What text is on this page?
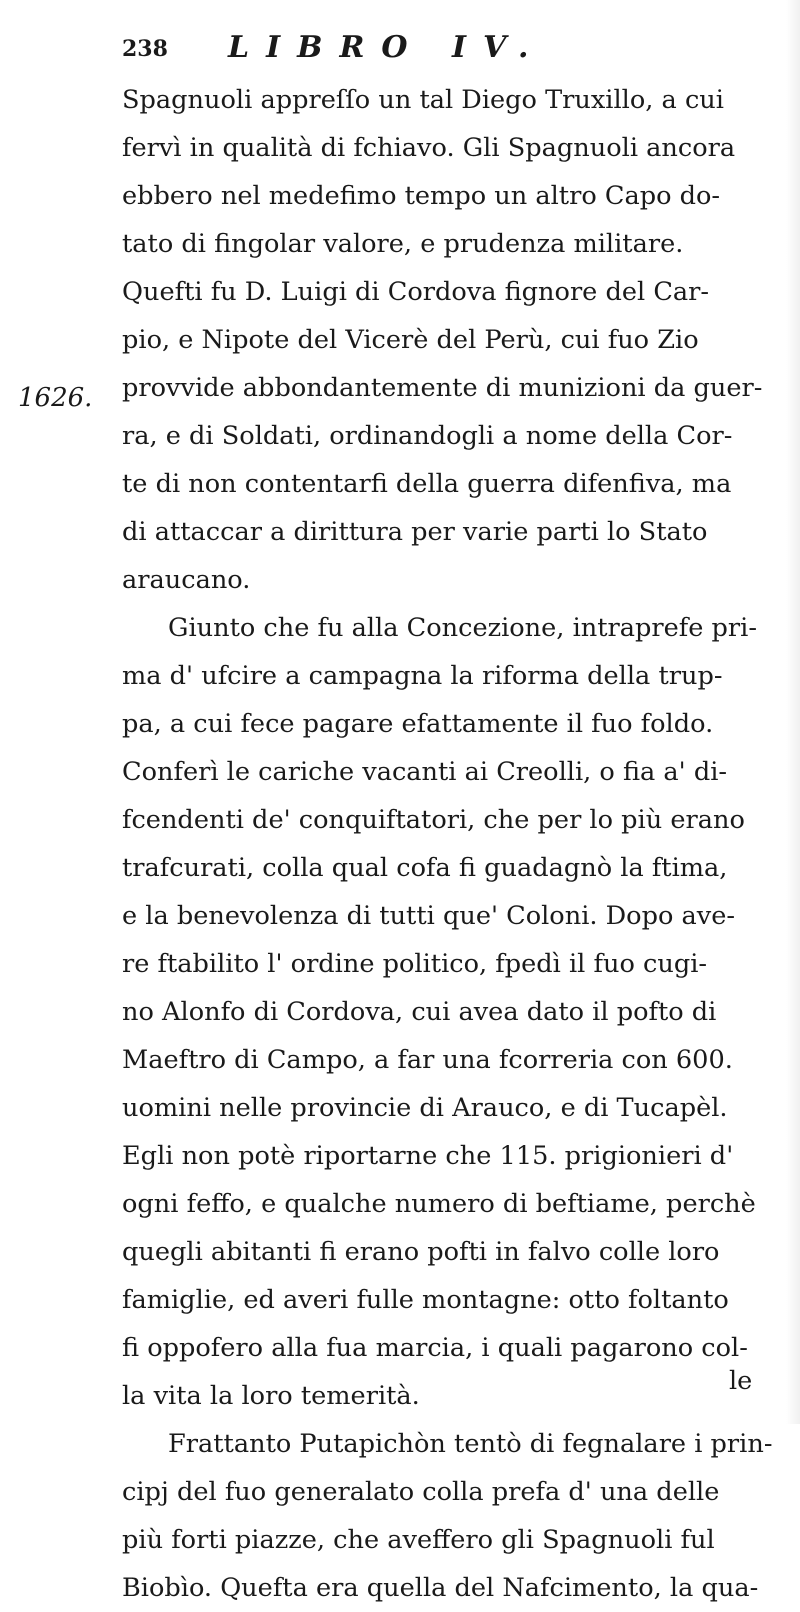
238 LIBRO IV.
1626.
Spagnuoli appreſſo un tal Diego Truxillo, a cui
fervì in qualità di fchiavo. Gli Spagnuoli ancora
ebbero nel medefimo tempo un altro Capo do-
tato di fingolar valore, e prudenza militare.
Quefti fu D. Luigi di Cordova fignore del Car-
pio, e Nipote del Vicerè del Perù, cui fuo Zio
provvide abbondantemente di munizioni da guer-
ra, e di Soldati, ordinandogli a nome della Cor-
te di non contentarfi della guerra difenfiva, ma
di attaccar a dirittura per varie parti lo Stato
araucano.
Giunto che fu alla Concezione, intraprefe pri-
ma d' ufcire a campagna la riforma della trup-
pa, a cui fece pagare efattamente il fuo foldo.
Conferì le cariche vacanti ai Creolli, o fia a' di-
fcendenti de' conquiftatori, che per lo più erano
trafcurati, colla qual cofa fi guadagnò la ftima,
e la benevolenza di tutti que' Coloni. Dopo ave-
re ftabilito l' ordine politico, fpedì il fuo cugi-
no Alonfo di Cordova, cui avea dato il pofto di
Maeftro di Campo, a far una fcorreria con 600.
uomini nelle provincie di Arauco, e di Tucapèl.
Egli non potè riportarne che 115. prigionieri d'
ogni feffo, e qualche numero di beftiame, perchè
quegli abitanti fi erano pofti in falvo colle loro
famiglie, ed averi fulle montagne: otto foltanto
fi oppofero alla fua marcia, i quali pagarono col-
la vita la loro temerità.
Frattanto Putapichòn tentò di fegnalare i prin-
cipj del fuo generalato colla prefa d' una delle
più forti piazze, che aveffero gli Spagnuoli ful
Biobìo. Quefta era quella del Nafcimento, la qua-
le
